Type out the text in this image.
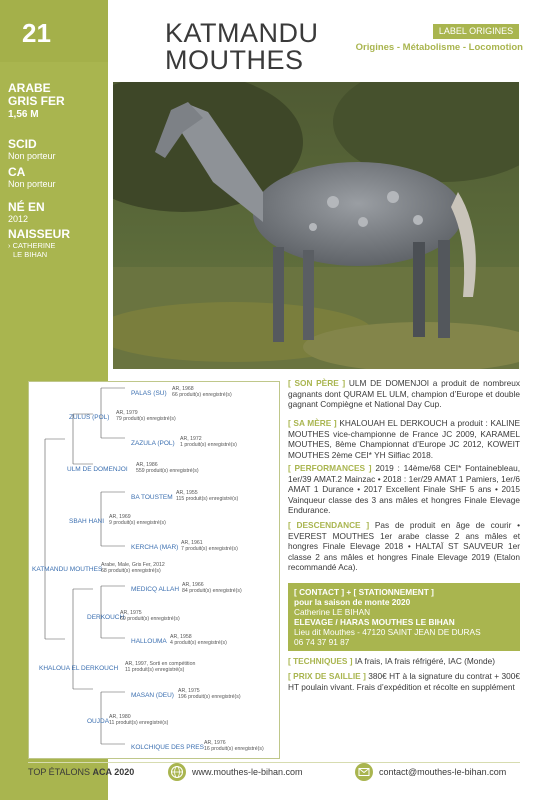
21
ARABE
GRIS FER
1,56 M
SCID
Non porteur
CA
Non porteur
NÉ EN
2012
NAISSEUR
› CATHERINE
LE BIHAN
KATMANDU
MOUTHES
LABEL ORIGINES
Origines - Métabolisme - Locomotion
PALAS (SU)
AR, 1968
66 produit(s) enregistré(s)
ZULUS (POL)
AR, 1979
79 produit(s) enregistré(s)
ZAZULA (POL)
AR, 1972
1 produit(s) enregistré(s)
ULM DE DOMENJOI
AR, 1986
559 produit(s) enregistré(s)
BA TOUSTEM
AR, 1955
115 produit(s) enregistré(s)
SBAH HANI
AR, 1969
9 produit(s) enregistré(s)
KERCHA (MAR)
AR, 1961
7 produit(s) enregistré(s)
KATMANDU MOUTHES
Arabe, Male, Gris Fer, 2012
68 produit(s) enregistré(s)
MEDICQ ALLAH
AR, 1966
84 produit(s) enregistré(s)
DERKOUCH
AR, 1975
69 produit(s) enregistré(s)
HALLOUMA
AR, 1958
4 produit(s) enregistré(s)
KHALOUA EL DERKOUCH
AR, 1997, Sorti en compétition
11 produit(s) enregistré(s)
MASAN (DEU)
AR, 1975
196 produit(s) enregistré(s)
OUJDA
AR, 1980
11 produit(s) enregistré(s)
KOLCHIQUE DES PRES
AR, 1976
16 produit(s) enregistré(s)
[ SON PÈRE ] ULM DE DOMENJOI a produit de nombreux gagnants dont QURAM EL ULM, champion d’Europe et double gagnant Compiègne et National Day Cup.
[ SA MÈRE ] KHALOUAH EL DERKOUCH a produit : KALINE MOUTHES vice-championne de France JC 2009, KARAMEL MOUTHES, 8ème Championnat d’Europe JC 2012, KOWEIT MOUTHES 2ème CEI* YH Silfiac 2018.
[ PERFORMANCES ] 2019 : 14ème/68 CEI* Fontainebleau, 1er/39 AMAT.2 Mainzac • 2018 : 1er/29 AMAT 1 Pamiers, 1er/6 AMAT 1 Durance • 2017 Excellent Finale SHF 5 ans • 2015 Vainqueur classe des 3 ans mâles et hongres Finale Elevage Endurance.
[ DESCENDANCE ] Pas de produit en âge de courir • EVEREST MOUTHES 1er arabe classe 2 ans mâles et hongres Finale Elevage 2018 • HALTAÏ ST SAUVEUR 1er classe 2 ans mâles et hongres Finale Elevage 2019 (Etalon recommandé Aca).
[ CONTACT ] + [ STATIONNEMENT ]
pour la saison de monte 2020
Catherine LE BIHAN
ELEVAGE / HARAS MOUTHES LE BIHAN
Lieu dit Mouthes - 47120 SAINT JEAN DE DURAS
06 74 37 91 87
[ TECHNIQUES ] IA frais, IA frais réfrigéré, IAC (Monde)
[ PRIX DE SAILLIE ] 380€ HT à la signature du contrat + 300€ HT poulain vivant. Frais d’expédition et récolte en supplément
TOP ÉTALONS ACA 2020	www.mouthes-le-bihan.com	contact@mouthes-le-bihan.com
